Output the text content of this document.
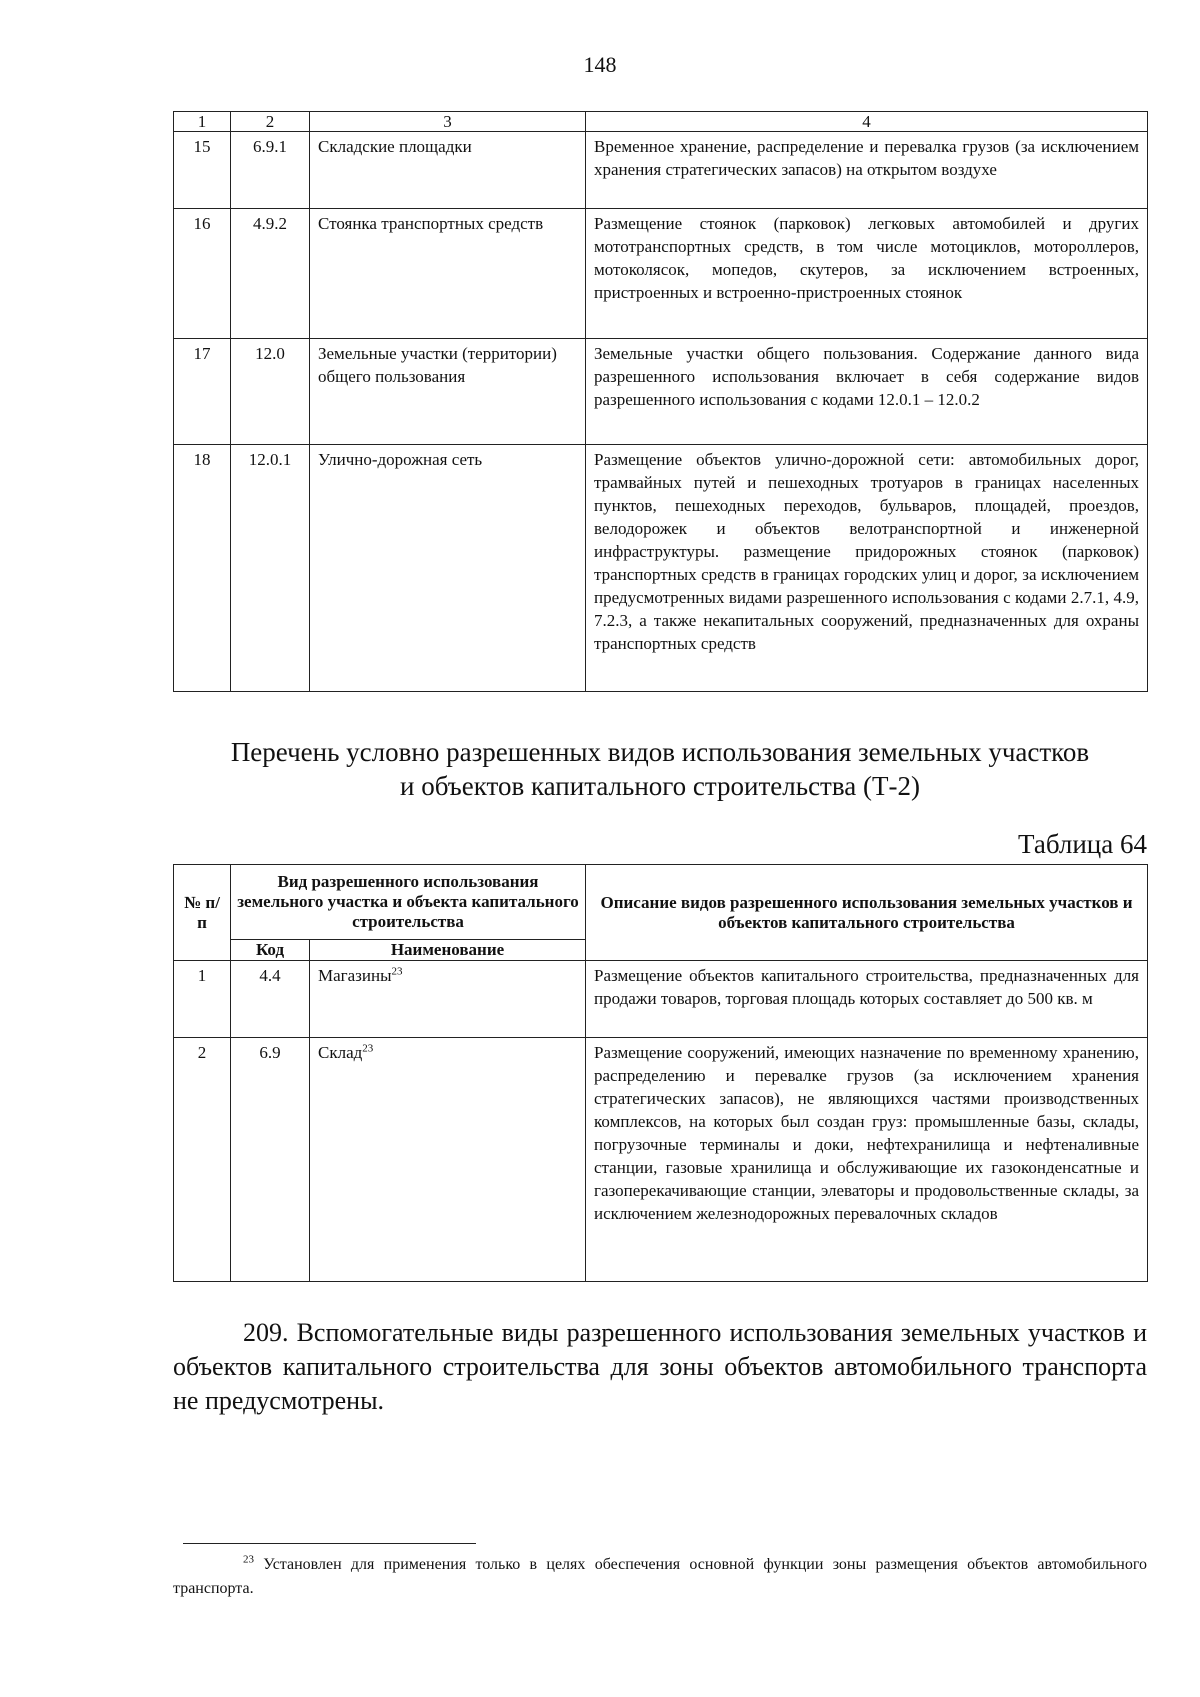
148
1	2	3	4
15	6.9.1	Складские площадки	Временное хранение, распределение и перевалка грузов (за исключением хранения стратегических запасов) на открытом воздухе
16	4.9.2	Стоянка транспортных средств	Размещение стоянок (парковок) легковых автомобилей и других мототранспортных средств, в том числе мотоциклов, мотороллеров, мотоколясок, мопедов, скутеров, за исключением встроенных, пристроенных и встроенно-пристроенных стоянок
17	12.0	Земельные участки (территории) общего пользования	Земельные участки общего пользования. Содержание данного вида разрешенного использования включает в себя содержание видов разрешенного использования с кодами 12.0.1 – 12.0.2
18	12.0.1	Улично-дорожная сеть	Размещение объектов улично-дорожной сети: автомобильных дорог, трамвайных путей и пешеходных тротуаров в границах населенных пунктов, пешеходных переходов, бульваров, площадей, проездов, велодорожек и объектов велотранспортной и инженерной инфраструктуры. размещение придорожных стоянок (парковок) транспортных средств в границах городских улиц и дорог, за исключением предусмотренных видами разрешенного использования с кодами 2.7.1, 4.9, 7.2.3, а также некапитальных сооружений, предназначенных для охраны транспортных средств
Перечень условно разрешенных видов использования земельных участков
и объектов капитального строительства (Т-2)
Таблица 64
№ п/п	Вид разрешенного использования земельного участка и объекта капитального строительства		Описание видов разрешенного использования земельных участков и объектов капитального строительства
	Код	Наименование	
1	4.4	Магазины$^{23}$	Размещение объектов капитального строительства, предназначенных для продажи товаров, торговая площадь которых составляет до 500 кв. м
2	6.9	Склад$^{23}$	Размещение сооружений, имеющих назначение по временному хранению, распределению и перевалке грузов (за исключением хранения стратегических запасов), не являющихся частями производственных комплексов, на которых был создан груз: промышленные базы, склады, погрузочные терминалы и доки, нефтехранилища и нефтеналивные станции, газовые хранилища и обслуживающие их газоконденсатные и газоперекачивающие станции, элеваторы и продовольственные склады, за исключением железнодорожных перевалочных складов

209. Вспомогательные виды разрешенного использования земельных участков и объектов капитального строительства для зоны объектов автомобильного транспорта не предусмотрены.

$^{23}$ Установлен для применения только в целях обеспечения основной функции зоны размещения объектов автомобильного транспорта.
